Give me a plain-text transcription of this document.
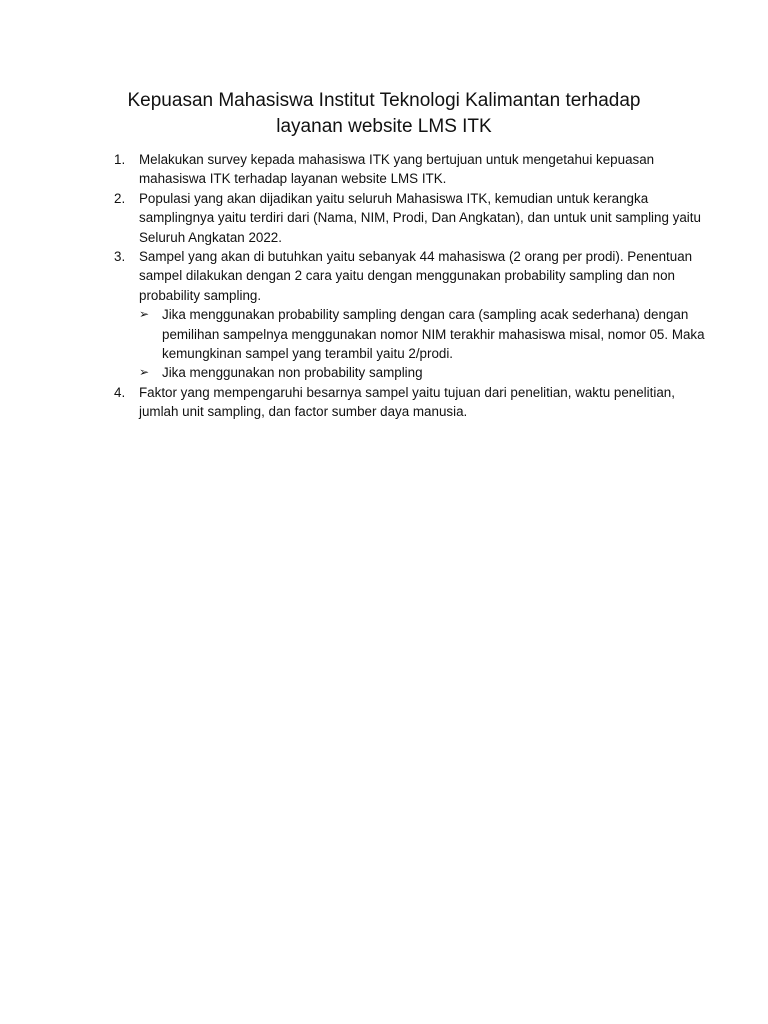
Kepuasan Mahasiswa Institut Teknologi Kalimantan terhadap
layanan website LMS ITK
1.	Melakukan survey kepada mahasiswa ITK yang bertujuan untuk mengetahui kepuasan mahasiswa ITK terhadap layanan website LMS ITK.
2.	Populasi yang akan dijadikan yaitu seluruh Mahasiswa ITK, kemudian untuk kerangka samplingnya yaitu terdiri dari (Nama, NIM, Prodi, Dan Angkatan), dan untuk unit sampling yaitu Seluruh Angkatan 2022.
3.	Sampel yang akan di butuhkan yaitu sebanyak 44 mahasiswa (2 orang per prodi). Penentuan sampel dilakukan dengan 2 cara yaitu dengan menggunakan probability sampling dan non probability sampling.
➢ Jika menggunakan probability sampling dengan cara (sampling acak sederhana) dengan pemilihan sampelnya menggunakan nomor NIM terakhir mahasiswa misal, nomor 05. Maka kemungkinan sampel yang terambil yaitu 2/prodi.
➢ Jika menggunakan non probability sampling
4.	Faktor yang mempengaruhi besarnya sampel yaitu tujuan dari penelitian, waktu penelitian, jumlah unit sampling, dan factor sumber daya manusia.
